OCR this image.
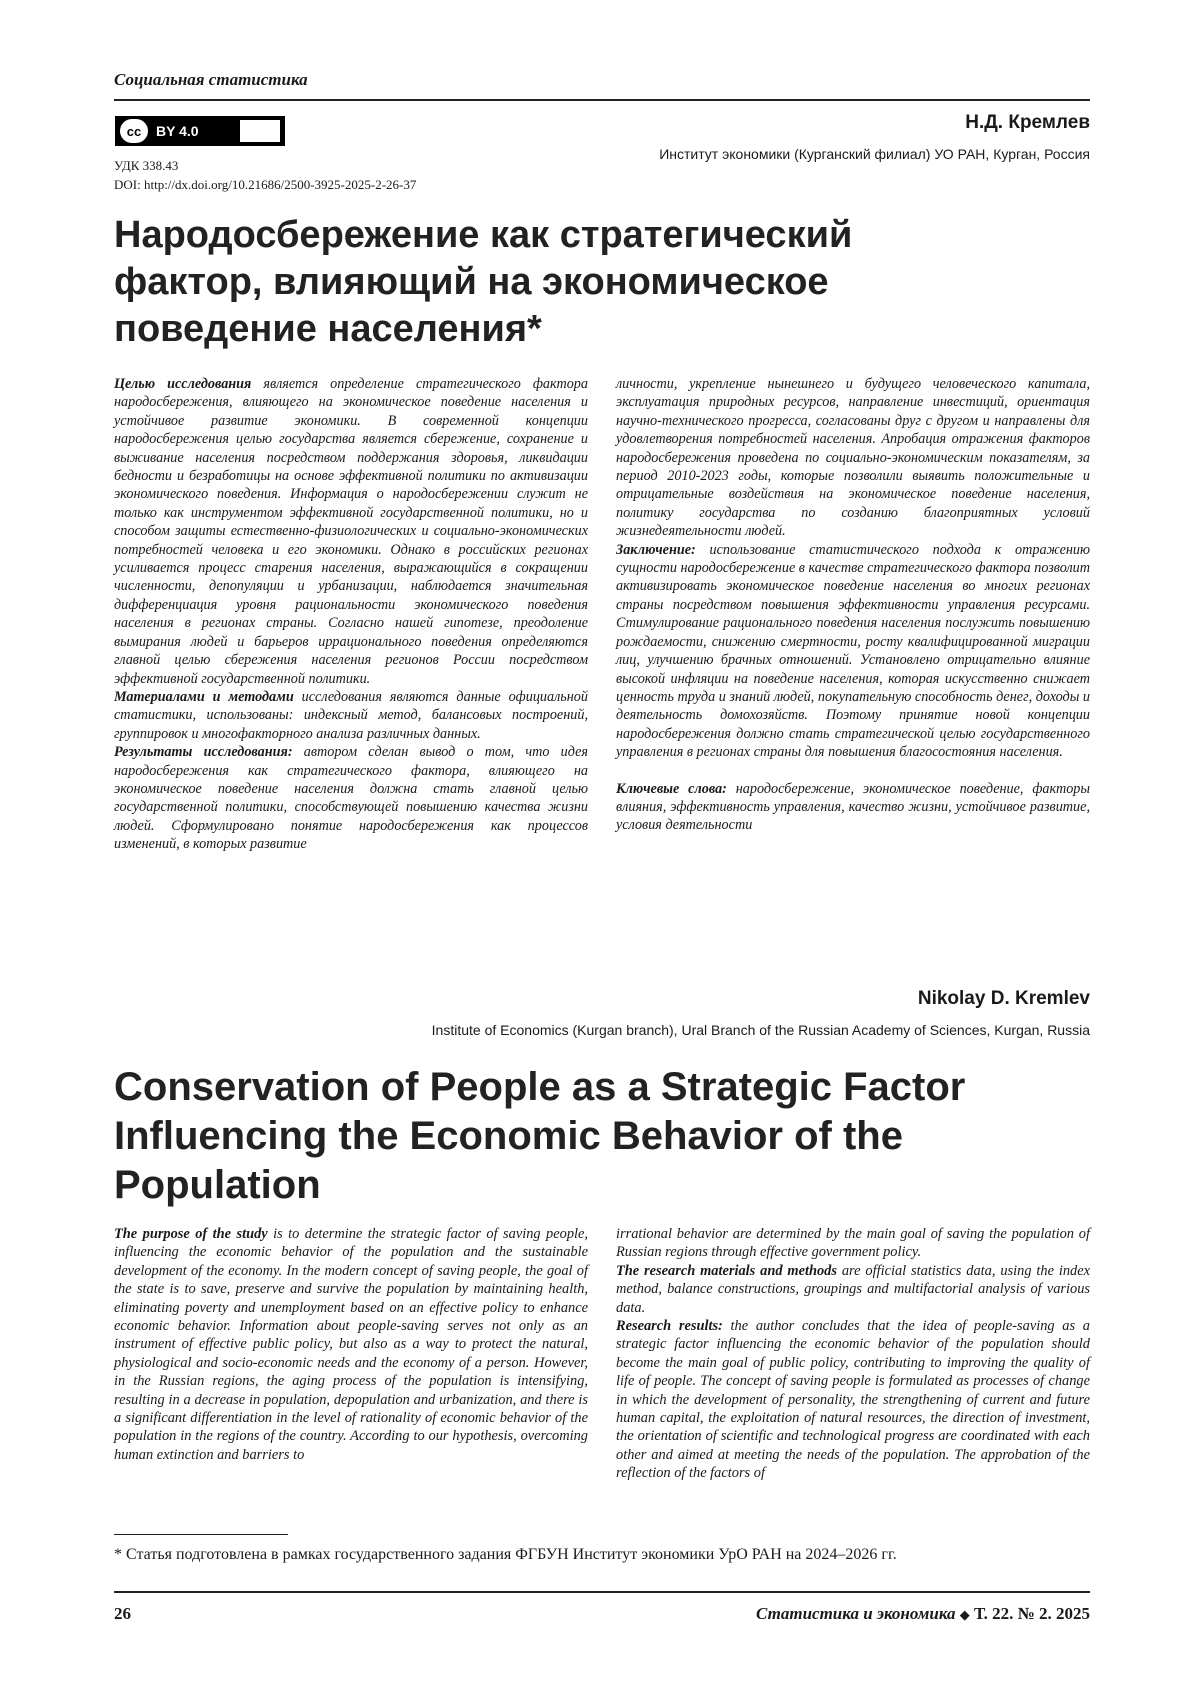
Социальная статистика
cc	BY 4.0
УДК 338.43
DOI: http://dx.doi.org/10.21686/2500-3925-2025-2-26-37
Н.Д. Кремлев
Институт экономики (Курганский филиал) УО РАН, Курган, Россия
Народосбережение как стратегический
фактор, влияющий на экономическое
поведение населения*

Целью исследования является определение стратегического фактора народосбережения, влияющего на экономическое поведение населения и устойчивое развитие экономики. В современной концепции народосбережения целью государства является сбережение, сохранение и выживание населения посредством поддержания здоровья, ликвидации бедности и безработицы на основе эффективной политики по активизации экономического поведения. Информация о народосбережении служит не только как инструментом эффективной государственной политики, но и способом защиты естественно-физиологических и социально-экономических потребностей человека и его экономики. Однако в российских регионах усиливается процесс старения населения, выражающийся в сокращении численности, депопуляции и урбанизации, наблюдается значительная дифференциация уровня рациональности экономического поведения населения в регионах страны. Согласно нашей гипотезе, преодоление вымирания людей и барьеров иррационального поведения определяются главной целью сбережения населения регионов России посредством эффективной государственной политики.

Материалами и методами исследования являются данные официальной статистики, использованы: индексный метод, балансовых построений, группировок и многофакторного анализа различных данных.

Результаты исследования: автором сделан вывод о том, что идея народосбережения как стратегического фактора, влияющего на экономическое поведение населения должна стать главной целью государственной политики, способствующей повышению качества жизни людей. Сформулировано понятие народосбережения как процессов изменений, в которых развитие

личности, укрепление нынешнего и будущего человеческого капитала, эксплуатация природных ресурсов, направление инвестиций, ориентация научно-технического прогресса, согласованы друг с другом и направлены для удовлетворения потребностей населения. Апробация отражения факторов народосбережения проведена по социально-экономическим показателям, за период 2010-2023 годы, которые позволили выявить положительные и отрицательные воздействия на экономическое поведение населения, политику государства по созданию благоприятных условий жизнедеятельности людей.

Заключение: использование статистического подхода к отражению сущности народосбережение в качестве стратегического фактора позволит активизировать экономическое поведение населения во многих регионах страны посредством повышения эффективности управления ресурсами. Стимулирование рационального поведения населения послужить повышению рождаемости, снижению смертности, росту квалифицированной миграции лиц, улучшению брачных отношений. Установлено отрицательно влияние высокой инфляции на поведение населения, которая искусственно снижает ценность труда и знаний людей, покупательную способность денег, доходы и деятельность домохозяйств. Поэтому принятие новой концепции народосбережения должно стать стратегической целью государственного управления в регионах страны для повышения благосостояния населения.

Ключевые слова: народосбережение, экономическое поведение, факторы влияния, эффективность управления, качество жизни, устойчивое развитие, условия деятельности

Nikolay D. Kremlev
Institute of Economics (Kurgan branch), Ural Branch of the Russian Academy of Sciences, Kurgan, Russia
Conservation of People as a Strategic Factor
Influencing the Economic Behavior of the
Population

The purpose of the study is to determine the strategic factor of saving people, influencing the economic behavior of the population and the sustainable development of the economy. In the modern concept of saving people, the goal of the state is to save, preserve and survive the population by maintaining health, eliminating poverty and unemployment based on an effective policy to enhance economic behavior. Information about people-saving serves not only as an instrument of effective public policy, but also as a way to protect the natural, physiological and socio-economic needs and the economy of a person. However, in the Russian regions, the aging process of the population is intensifying, resulting in a decrease in population, depopulation and urbanization, and there is a significant differentiation in the level of rationality of economic behavior of the population in the regions of the country. According to our hypothesis, overcoming human extinction and barriers to

irrational behavior are determined by the main goal of saving the population of Russian regions through effective government policy.

The research materials and methods are official statistics data, using the index method, balance constructions, groupings and multifactorial analysis of various data.

Research results: the author concludes that the idea of people-saving as a strategic factor influencing the economic behavior of the population should become the main goal of public policy, contributing to improving the quality of life of people. The concept of saving people is formulated as processes of change in which the development of personality, the strengthening of current and future human capital, the exploitation of natural resources, the direction of investment, the orientation of scientific and technological progress are coordinated with each other and aimed at meeting the needs of the population. The approbation of the reflection of the factors of

* Статья подготовлена в рамках государственного задания ФГБУН Институт экономики УрО РАН на 2024–2026 гг.
26	Статистика и экономика ◆ Т. 22. № 2. 2025
